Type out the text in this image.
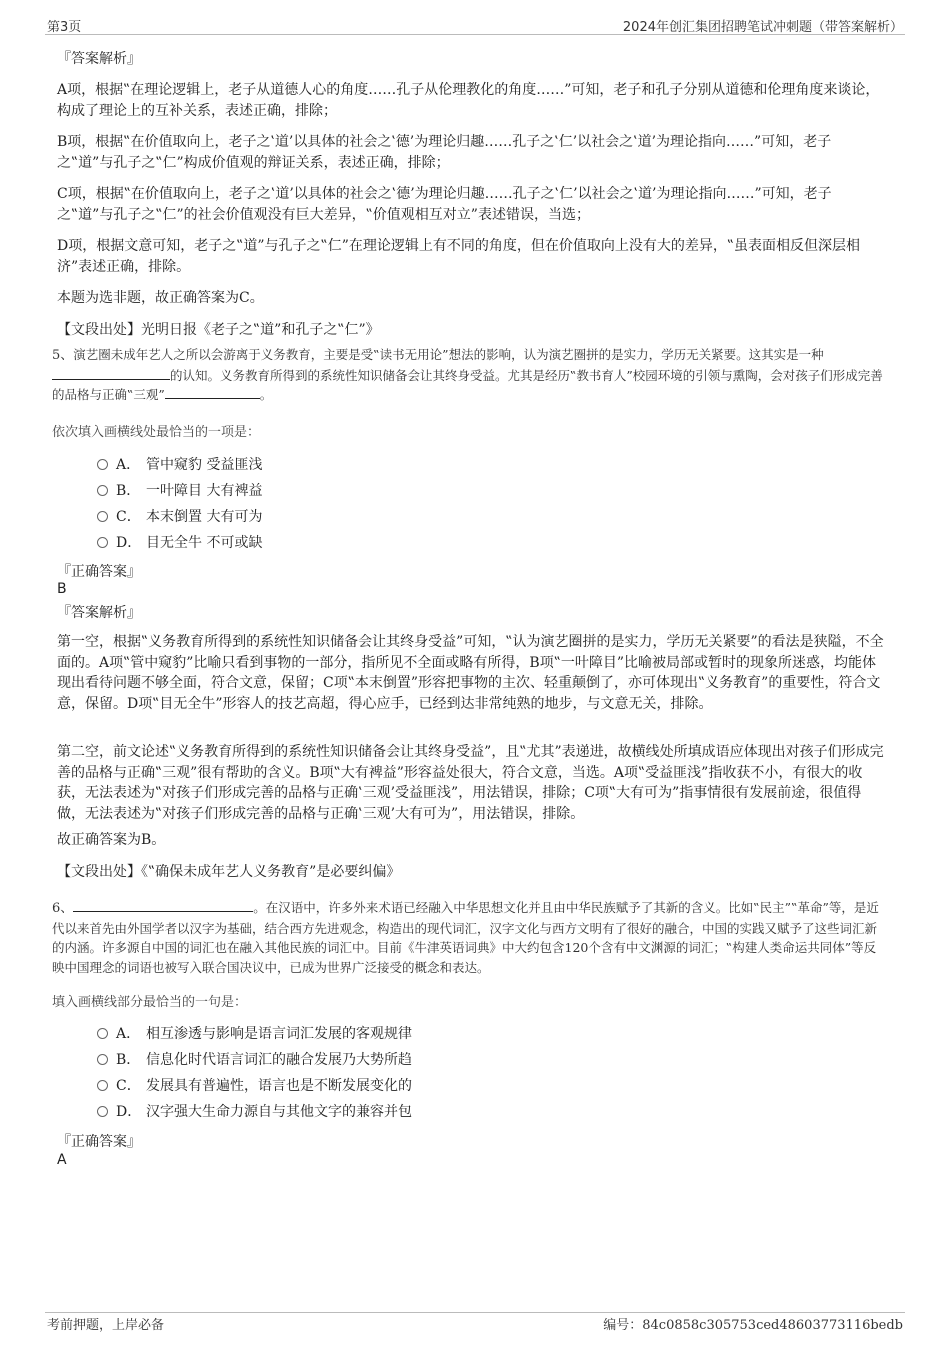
第3页	2024年创汇集团招聘笔试冲刺题（带答案解析）
『答案解析』
A项，根据‟在理论逻辑上，老子从道德人心的角度……孔子从伦理教化的角度……”可知，老子和孔子分别从道德和伦理角度来谈论，构成了理论上的互补关系，表述正确，排除；
B项，根据‟在价值取向上，老子之‛道’以具体的社会之‛德’为理论归趣……孔子之‛仁’以社会之‛道’为理论指向……”可知，老子之‟道”与孔子之‟仁”构成价值观的辩证关系，表述正确，排除；
C项，根据‟在价值取向上，老子之‛道’以具体的社会之‛德’为理论归趣……孔子之‛仁’以社会之‛道’为理论指向……”可知，老子之‟道”与孔子之‟仁”的社会价值观没有巨大差异，‟价值观相互对立”表述错误，当选；
D项，根据文意可知，老子之‟道”与孔子之‟仁”在理论逻辑上有不同的角度，但在价值取向上没有大的差异，‟虽表面相反但深层相济”表述正确，排除。
本题为选非题，故正确答案为C。
【文段出处】光明日报《老子之‟道”和孔子之‟仁”》
5、演艺圈未成年艺人之所以会游离于义务教育，主要是受‟读书无用论”想法的影响，认为演艺圈拼的是实力，学历无关紧要。这其实是一种的认知。义务教育所得到的系统性知识储备会让其终身受益。尤其是经历‟教书育人”校园环境的引领与熏陶，会对孩子们形成完善的品格与正确‟三观”	。
依次填入画横线处最恰当的一项是：
A． 管中窥豹 受益匪浅
B． 一叶障目 大有裨益
C． 本末倒置 大有可为
D． 目无全牛 不可或缺
『正确答案』
B
『答案解析』
第一空，根据‟义务教育所得到的系统性知识储备会让其终身受益”可知，‟认为演艺圈拼的是实力，学历无关紧要”的看法是狭隘，不全面的。A项‟管中窥豹”比喻只看到事物的一部分，指所见不全面或略有所得，B项‟一叶障目”比喻被局部或暂时的现象所迷惑，均能体现出看待问题不够全面，符合文意，保留；C项‟本末倒置”形容把事物的主次、轻重颠倒了，亦可体现出‟义务教育”的重要性，符合文意，保留。D项‟目无全牛”形容人的技艺高超，得心应手，已经到达非常纯熟的地步，与文意无关，排除。
第二空，前文论述‟义务教育所得到的系统性知识储备会让其终身受益”，且‟尤其”表递进，故横线处所填成语应体现出对孩子们形成完善的品格与正确‟三观”很有帮助的含义。B项‟大有裨益”形容益处很大，符合文意，当选。A项‟受益匪浅”指收获不小，有很大的收获，无法表述为‟对孩子们形成完善的品格与正确‛三观’受益匪浅”，用法错误，排除；C项‟大有可为”指事情很有发展前途，很值得做，无法表述为‟对孩子们形成完善的品格与正确‛三观’大有可为”，用法错误，排除。
故正确答案为B。
【文段出处】《‟确保未成年艺人义务教育”是必要纠偏》
6、	。在汉语中，许多外来术语已经融入中华思想文化并且由中华民族赋予了其新的含义。比如‟民主”‟革命”等，是近代以来首先由外国学者以汉字为基础，结合西方先进观念，构造出的现代词汇，汉字文化与西方文明有了很好的融合，中国的实践又赋予了这些词汇新的内涵。许多源自中国的词汇也在融入其他民族的词汇中。目前《牛津英语词典》中大约包含120个含有中文渊源的词汇；‟构建人类命运共同体”等反映中国理念的词语也被写入联合国决议中，已成为世界广泛接受的概念和表达。
填入画横线部分最恰当的一句是：
A． 相互渗透与影响是语言词汇发展的客观规律
B． 信息化时代语言词汇的融合发展乃大势所趋
C． 发展具有普遍性，语言也是不断发展变化的
D． 汉字强大生命力源自与其他文字的兼容并包
『正确答案』
A
考前押题，上岸必备	编号：84c0858c305753ced48603773116bedb
